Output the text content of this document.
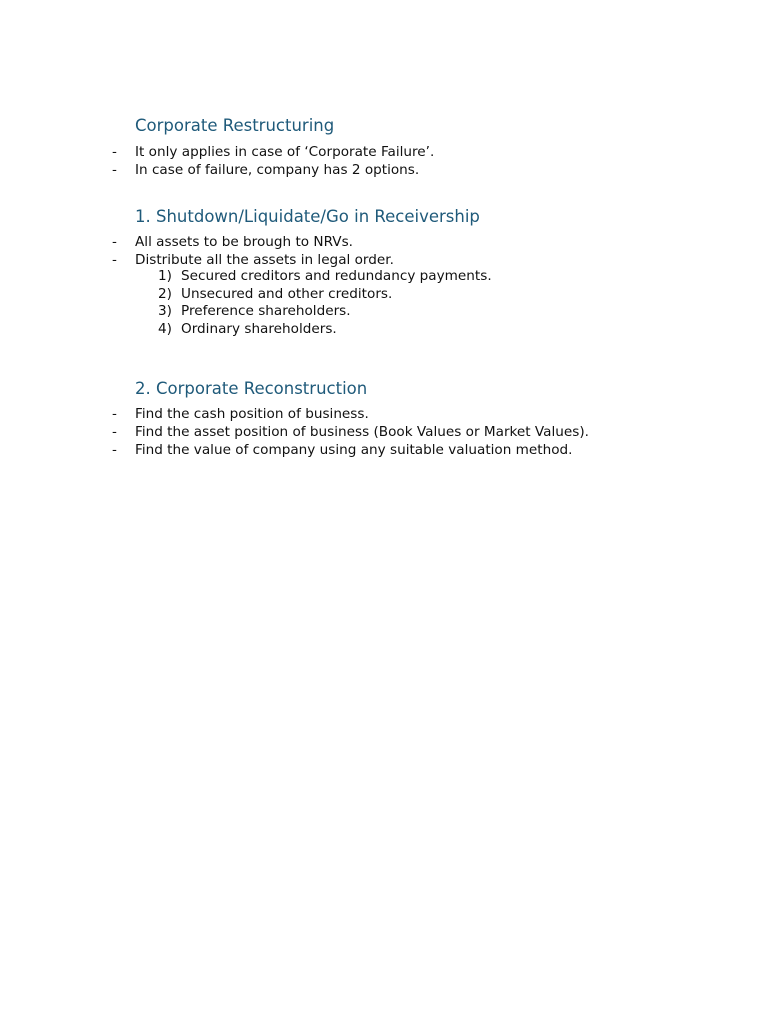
Corporate Restructuring
- It only applies in case of ‘Corporate Failure’.
- In case of failure, company has 2 options.
1. Shutdown/Liquidate/Go in Receivership
- All assets to be brough to NRVs.
- Distribute all the assets in legal order.
1) Secured creditors and redundancy payments.
2) Unsecured and other creditors.
3) Preference shareholders.
4) Ordinary shareholders.
2. Corporate Reconstruction
- Find the cash position of business.
- Find the asset position of business (Book Values or Market Values).
- Find the value of company using any suitable valuation method.
